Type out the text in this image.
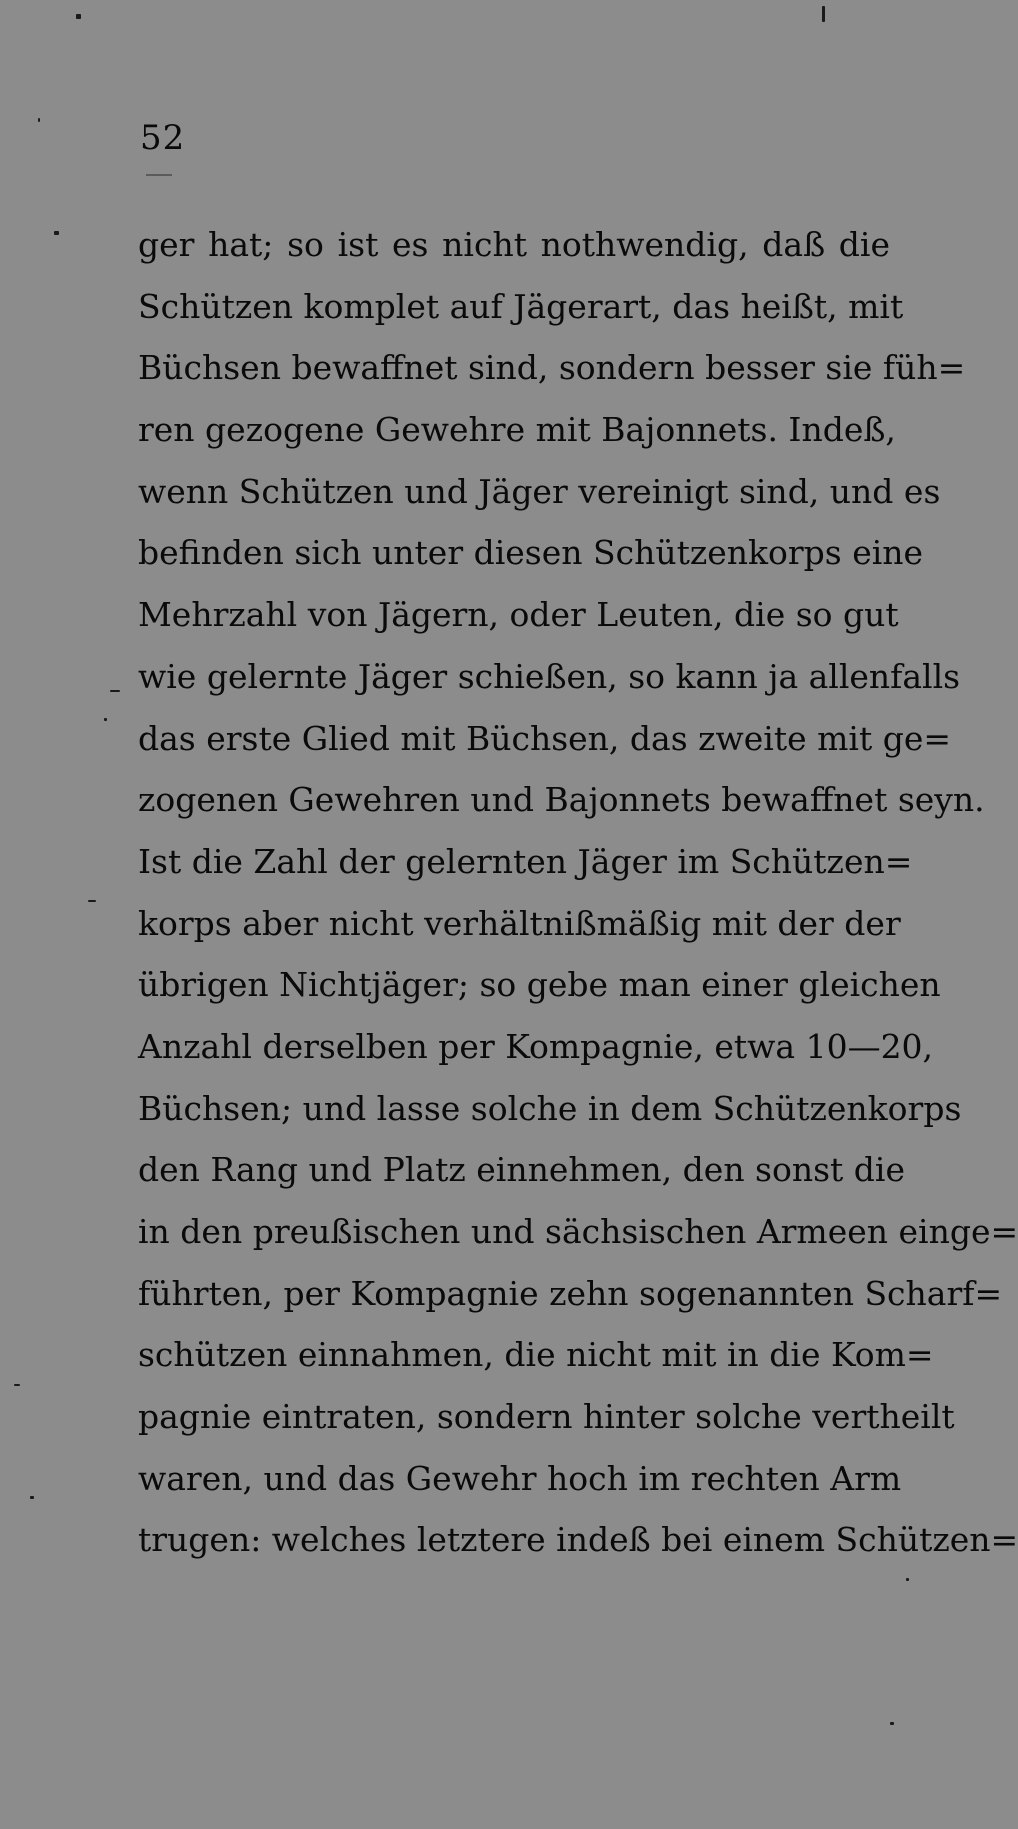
52
ger hat; so ist es nicht nothwendig, daß die
Schützen komplet auf Jägerart, das heißt, mit
Büchsen bewaffnet sind, sondern besser sie füh=
ren gezogene Gewehre mit Bajonnets. Indeß,
wenn Schützen und Jäger vereinigt sind, und es
befinden sich unter diesen Schützenkorps eine
Mehrzahl von Jägern, oder Leuten, die so gut
wie gelernte Jäger schießen, so kann ja allenfalls
das erste Glied mit Büchsen, das zweite mit ge=
zogenen Gewehren und Bajonnets bewaffnet seyn.
Ist die Zahl der gelernten Jäger im Schützen=
korps aber nicht verhältnißmäßig mit der der
übrigen Nichtjäger; so gebe man einer gleichen
Anzahl derselben per Kompagnie, etwa 10—20,
Büchsen; und lasse solche in dem Schützenkorps
den Rang und Platz einnehmen, den sonst die
in den preußischen und sächsischen Armeen einge=
führten, per Kompagnie zehn sogenannten Scharf=
schützen einnahmen, die nicht mit in die Kom=
pagnie eintraten, sondern hinter solche vertheilt
waren, und das Gewehr hoch im rechten Arm
trugen: welches letztere indeß bei einem Schützen=
